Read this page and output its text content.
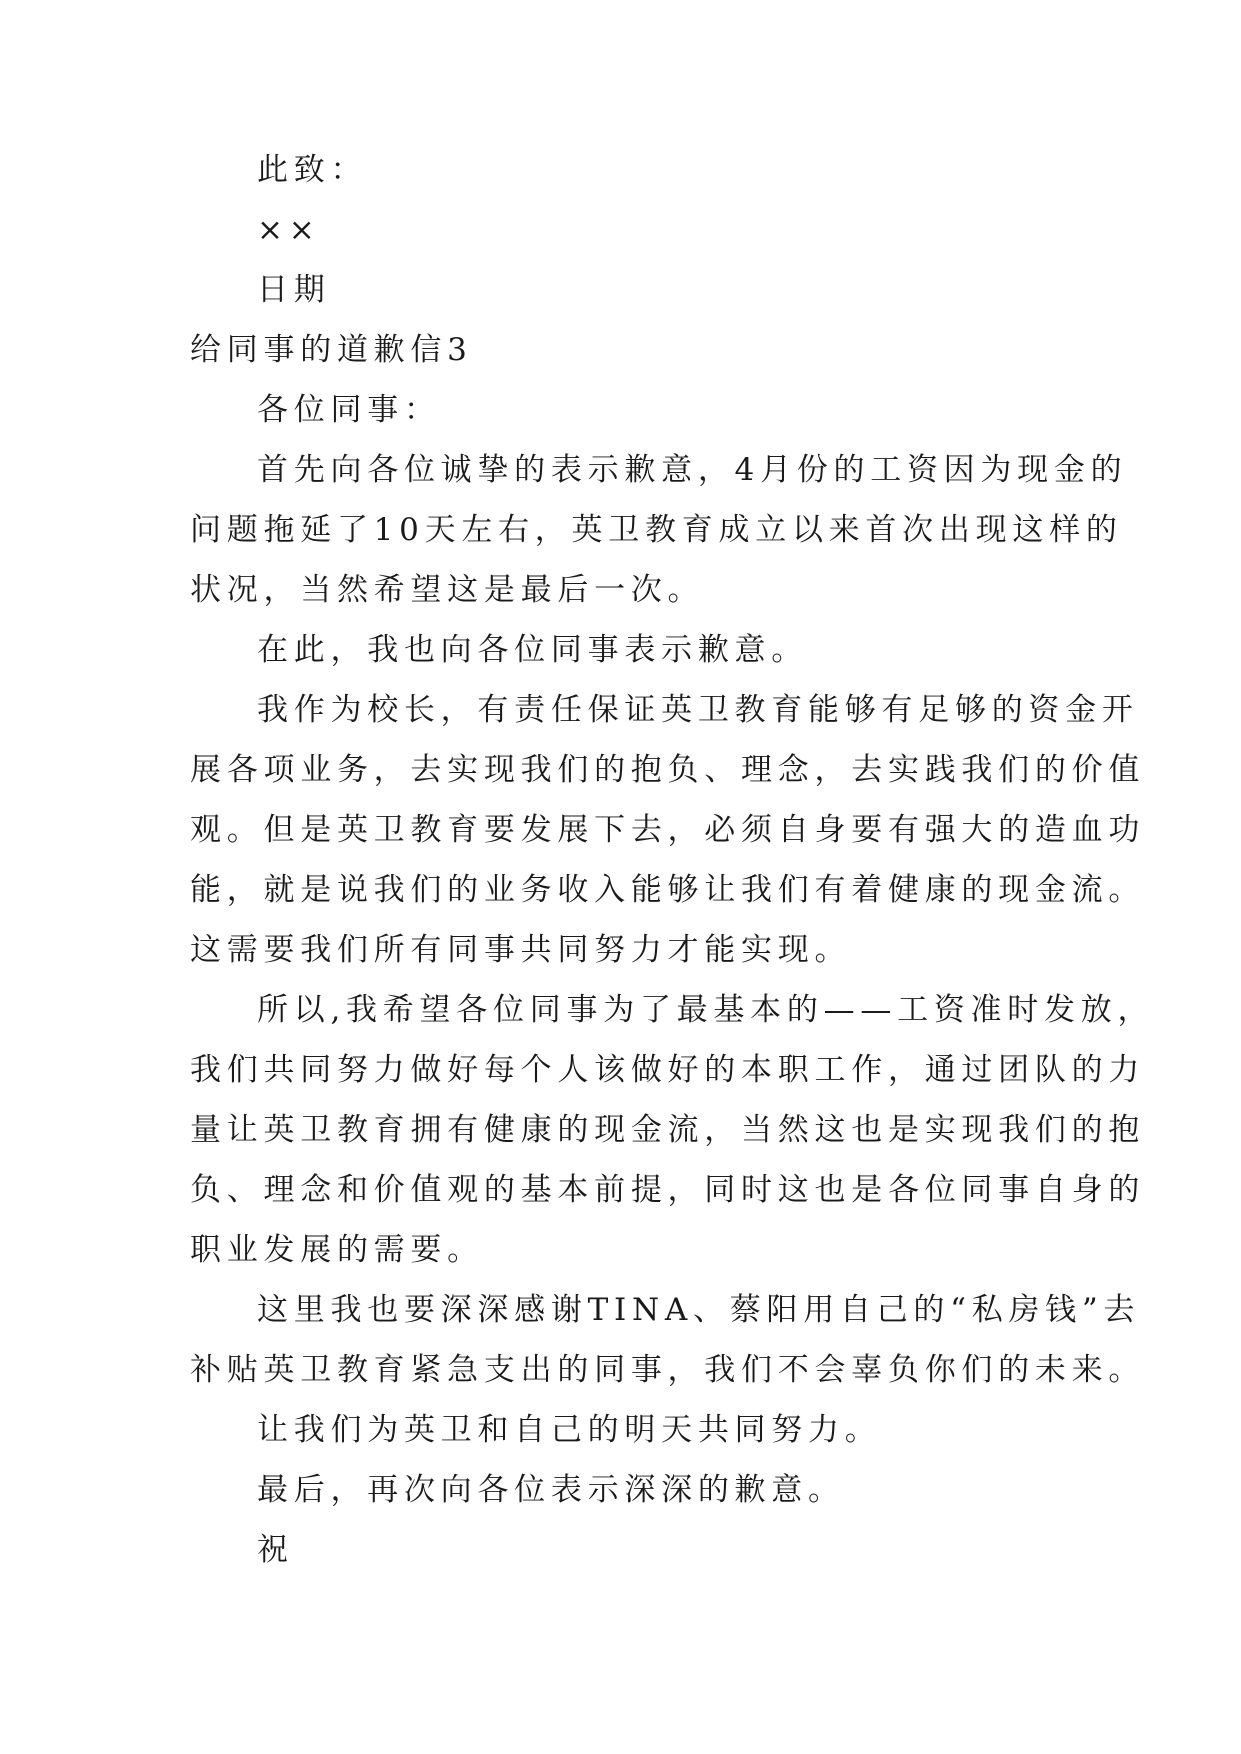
此致：
××
日期
给同事的道歉信3
各位同事：
首先向各位诚挚的表示歉意，4月份的工资因为现金的
问题拖延了10天左右，英卫教育成立以来首次出现这样的
状况，当然希望这是最后一次。
在此，我也向各位同事表示歉意。
我作为校长，有责任保证英卫教育能够有足够的资金开
展各项业务，去实现我们的抱负、理念，去实践我们的价值
观。但是英卫教育要发展下去，必须自身要有强大的造血功
能，就是说我们的业务收入能够让我们有着健康的现金流。
这需要我们所有同事共同努力才能实现。
所以,我希望各位同事为了最基本的——工资准时发放，
我们共同努力做好每个人该做好的本职工作，通过团队的力
量让英卫教育拥有健康的现金流，当然这也是实现我们的抱
负、理念和价值观的基本前提，同时这也是各位同事自身的
职业发展的需要。
这里我也要深深感谢TINA、蔡阳用自己的“私房钱”去
补贴英卫教育紧急支出的同事，我们不会辜负你们的未来。
让我们为英卫和自己的明天共同努力。
最后，再次向各位表示深深的歉意。
祝
